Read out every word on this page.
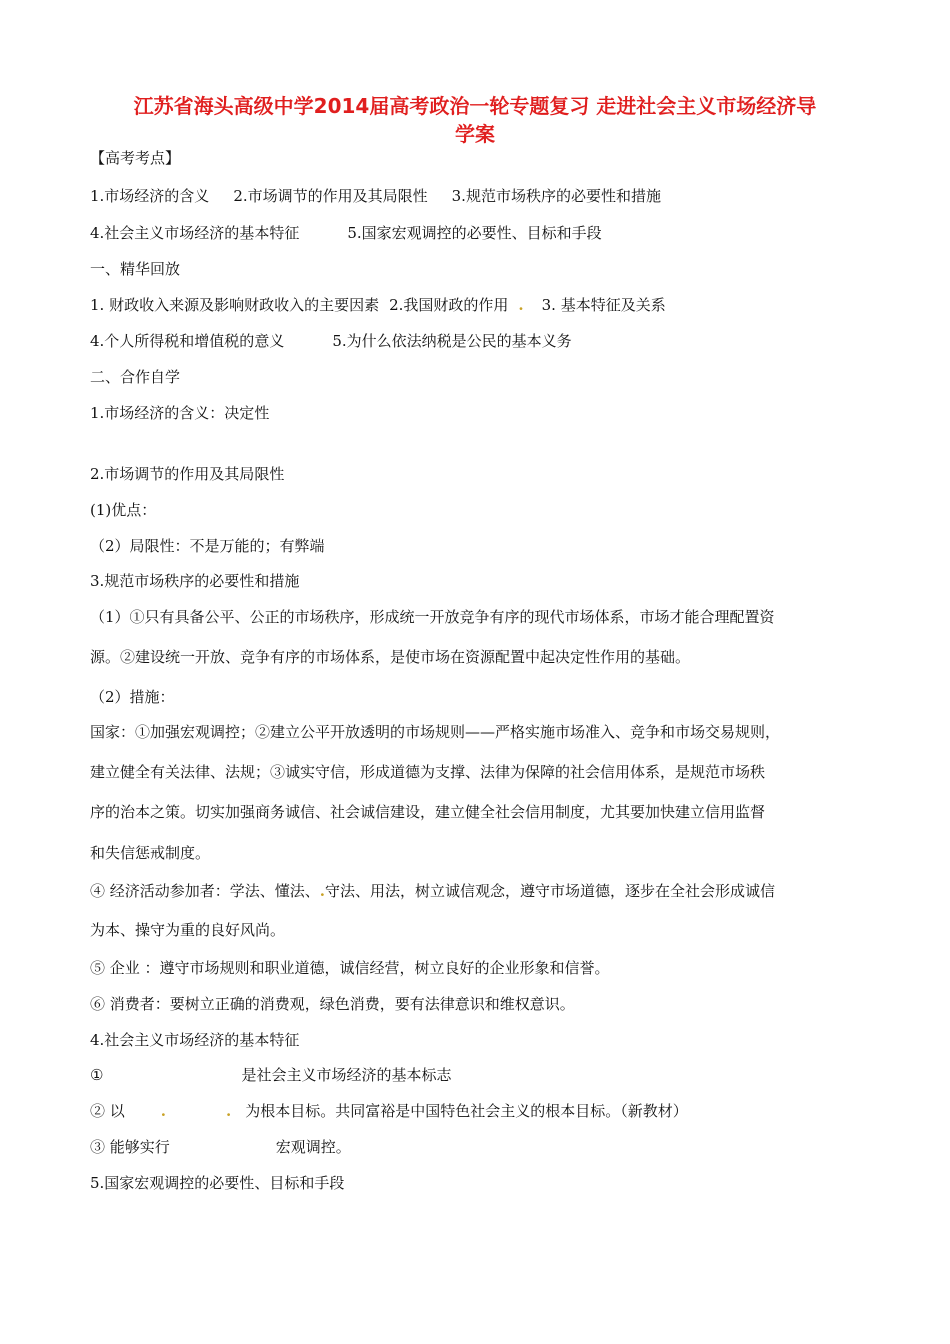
江苏省海头高级中学2014届高考政治一轮专题复习 走进社会主义市场经济导
学案

【高考考点】

1.市场经济的含义 2.市场调节的作用及其局限性 3.规范市场秩序的必要性和措施

4.社会主义市场经济的基本特征	5.国家宏观调控的必要性、目标和手段

一、精华回放

1. 财政收入来源及影响财政收入的主要因素 2.我国财政的作用 . 3. 基本特征及关系

4.个人所得税和增值税的意义	5.为什么依法纳税是公民的基本义务

二、合作自学

1.市场经济的含义：决定性

2.市场调节的作用及其局限性

(1)优点：

（2）局限性：不是万能的；有弊端

3.规范市场秩序的必要性和措施

（1）①只有具备公平、公正的市场秩序，形成统一开放竞争有序的现代市场体系，市场才能合理配置资

源。②建设统一开放、竞争有序的市场体系，是使市场在资源配置中起决定性作用的基础。

（2）措施：

国家：①加强宏观调控；②建立公平开放透明的市场规则——严格实施市场准入、竞争和市场交易规则，

建立健全有关法律、法规；③诚实守信，形成道德为支撑、法律为保障的社会信用体系，是规范市场秩

序的治本之策。切实加强商务诚信、社会诚信建设，建立健全社会信用制度，尤其要加快建立信用监督

和失信惩戒制度。

④ 经济活动参加者：学法、懂法、.守法、用法，树立诚信观念，遵守市场道德，逐步在全社会形成诚信

为本、操守为重的良好风尚。

⑤ 企业 ：遵守市场规则和职业道德，诚信经营，树立良好的企业形象和信誉。

⑥ 消费者：要树立正确的消费观，绿色消费，要有法律意识和维权意识。

4.社会主义市场经济的基本特征

①	是社会主义市场经济的基本标志

② 以 .	. 为根本目标。共同富裕是中国特色社会主义的根本目标。（新教材）

③ 能够实行	宏观调控。

5.国家宏观调控的必要性、目标和手段
